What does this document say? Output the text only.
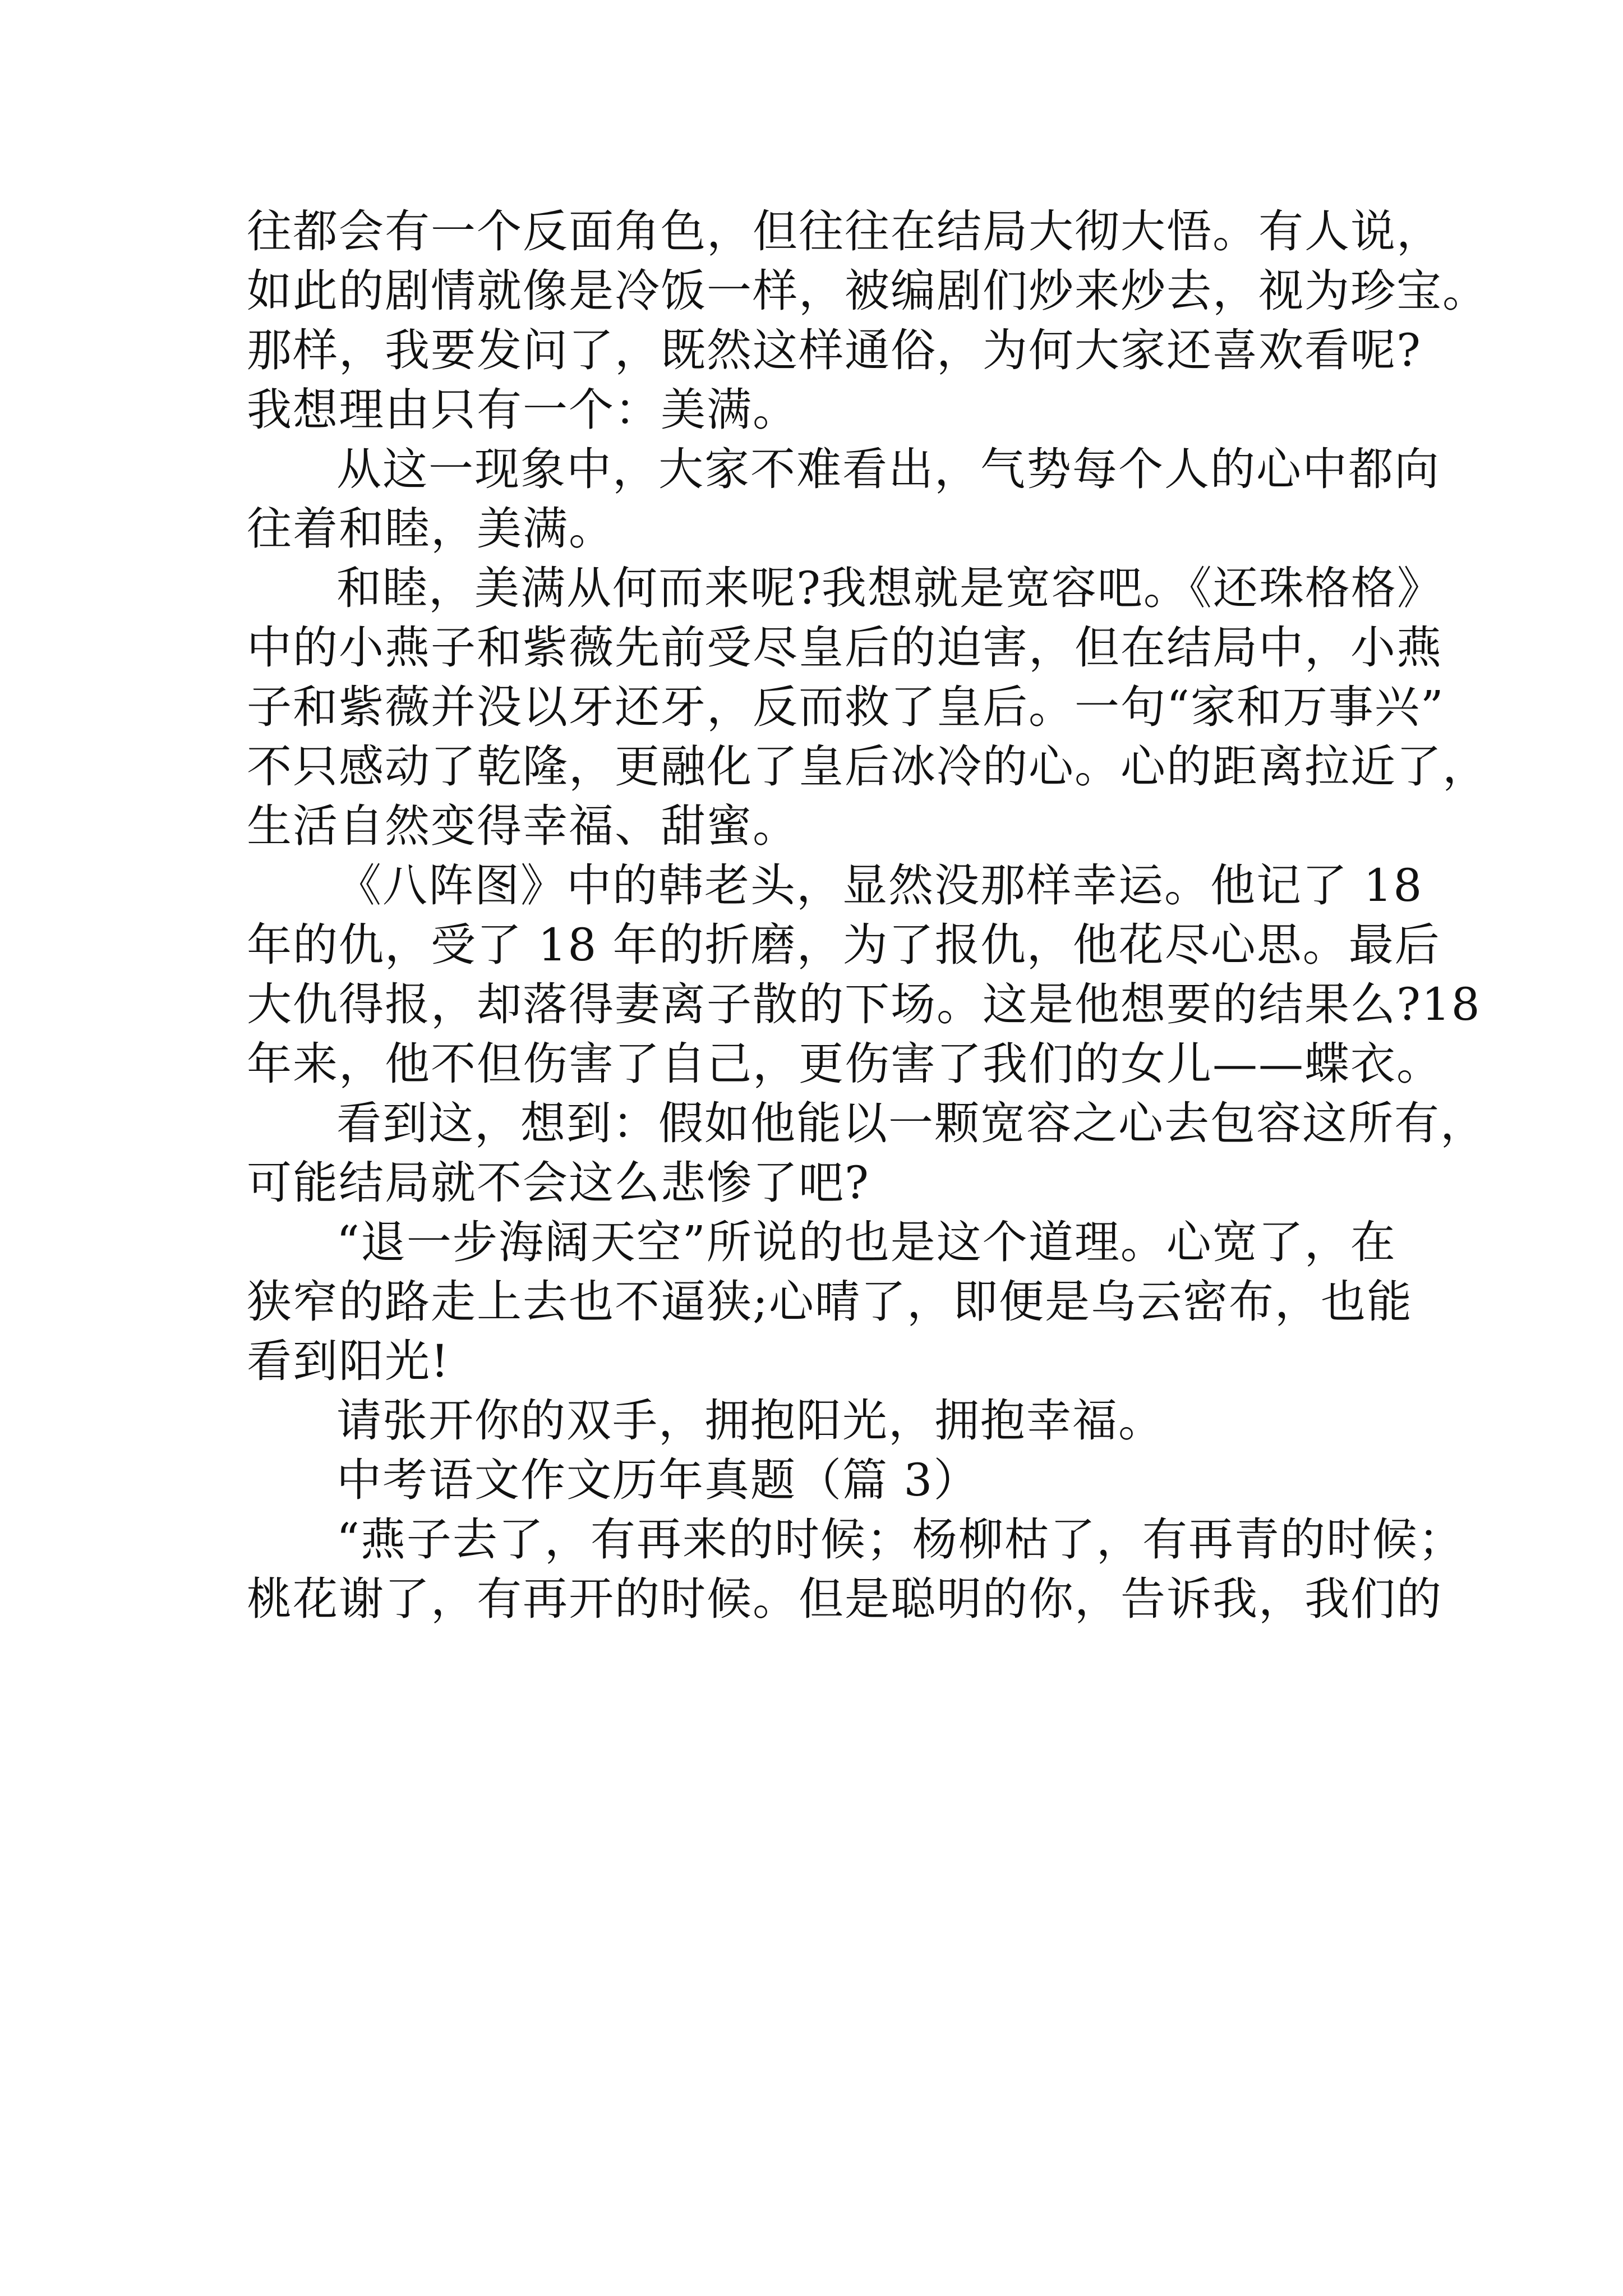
往都会有一个反面角色，但往往在结局大彻大悟。有人说，
如此的剧情就像是冷饭一样，被编剧们炒来炒去，视为珍宝。
那样，我要发问了，既然这样通俗，为何大家还喜欢看呢?
我想理由只有一个：美满。
从这一现象中，大家不难看出，气势每个人的心中都向
往着和睦，美满。
和睦，美满从何而来呢?我想就是宽容吧。《还珠格格》
中的小燕子和紫薇先前受尽皇后的迫害，但在结局中，小燕
子和紫薇并没以牙还牙，反而救了皇后。一句“家和万事兴”
不只感动了乾隆，更融化了皇后冰冷的心。心的距离拉近了，
生活自然变得幸福、甜蜜。
《八阵图》中的韩老头，显然没那样幸运。他记了 18
年的仇，受了 18 年的折磨，为了报仇，他花尽心思。最后
大仇得报，却落得妻离子散的下场。这是他想要的结果么?18
年来，他不但伤害了自己，更伤害了我们的女儿——蝶衣。
看到这，想到：假如他能以一颗宽容之心去包容这所有，
可能结局就不会这么悲惨了吧?
“退一步海阔天空”所说的也是这个道理。心宽了，在
狭窄的路走上去也不逼狭;心晴了，即便是乌云密布，也能
看到阳光!
请张开你的双手，拥抱阳光，拥抱幸福。
中考语文作文历年真题（篇 3）
“燕子去了，有再来的时候；杨柳枯了，有再青的时候；
桃花谢了，有再开的时候。但是聪明的你，告诉我，我们的
